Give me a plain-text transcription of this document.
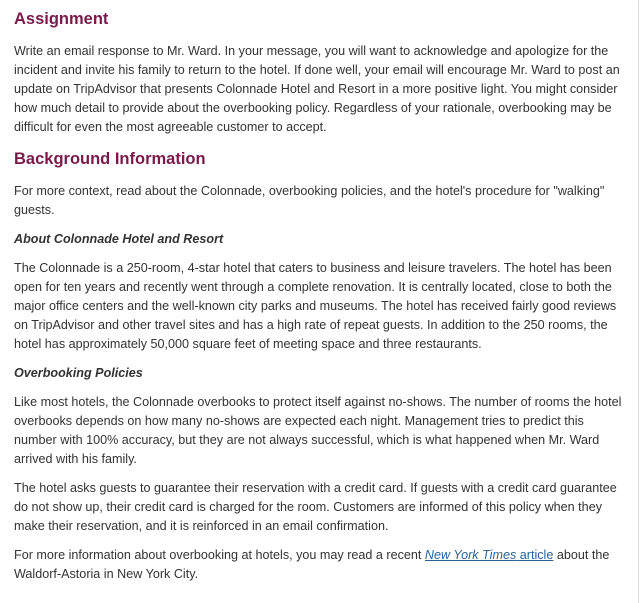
Assignment

Write an email response to Mr. Ward. In your message, you will want to acknowledge and apologize for the incident and invite his family to return to the hotel. If done well, your email will encourage Mr. Ward to post an update on TripAdvisor that presents Colonnade Hotel and Resort in a more positive light. You might consider how much detail to provide about the overbooking policy. Regardless of your rationale, overbooking may be difficult for even the most agreeable customer to accept.

Background Information

For more context, read about the Colonnade, overbooking policies, and the hotel's procedure for "walking" guests.

About Colonnade Hotel and Resort

The Colonnade is a 250-room, 4-star hotel that caters to business and leisure travelers. The hotel has been open for ten years and recently went through a complete renovation. It is centrally located, close to both the major office centers and the well-known city parks and museums. The hotel has received fairly good reviews on TripAdvisor and other travel sites and has a high rate of repeat guests. In addition to the 250 rooms, the hotel has approximately 50,000 square feet of meeting space and three restaurants.

Overbooking Policies

Like most hotels, the Colonnade overbooks to protect itself against no-shows. The number of rooms the hotel overbooks depends on how many no-shows are expected each night. Management tries to predict this number with 100% accuracy, but they are not always successful, which is what happened when Mr. Ward arrived with his family.

The hotel asks guests to guarantee their reservation with a credit card. If guests with a credit card guarantee do not show up, their credit card is charged for the room. Customers are informed of this policy when they make their reservation, and it is reinforced in an email confirmation.

For more information about overbooking at hotels, you may read a recent New York Times article about the Waldorf-Astoria in New York City.
